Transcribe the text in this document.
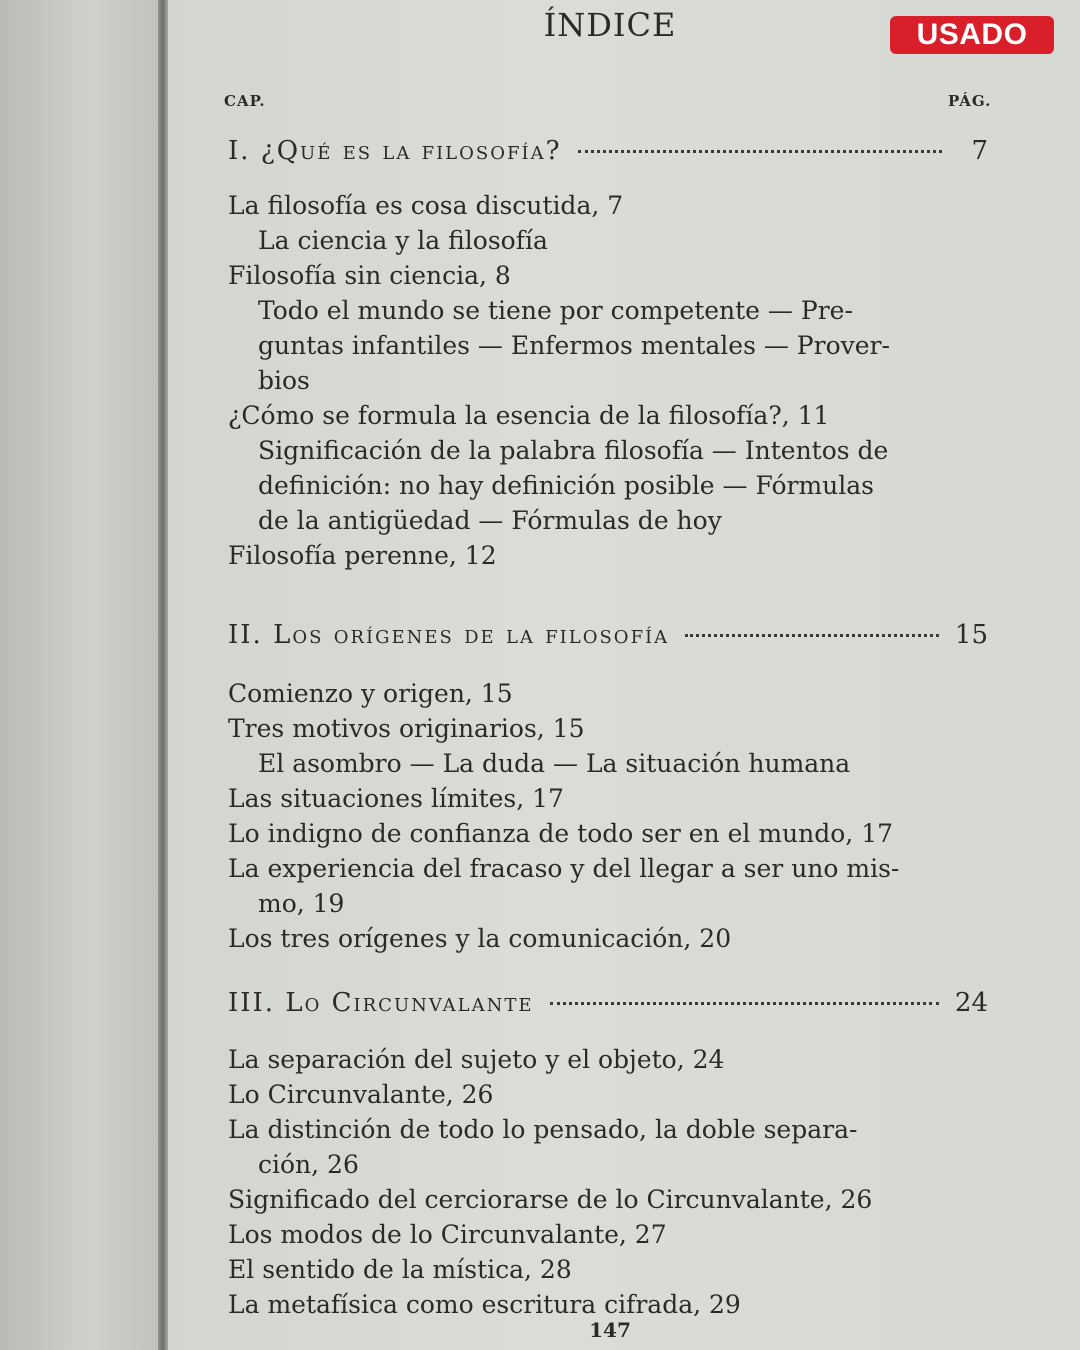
USADO
ÍNDICE
CAP.	PÁG.
I. ¿Qué es la filosofía?	7
La filosofía es cosa discutida, 7
La ciencia y la filosofía
Filosofía sin ciencia, 8
Todo el mundo se tiene por competente — Pre-
guntas infantiles — Enfermos mentales — Prover-
bios
¿Cómo se formula la esencia de la filosofía?, 11
Significación de la palabra filosofía — Intentos de
definición: no hay definición posible — Fórmulas
de la antigüedad — Fórmulas de hoy
Filosofía perenne, 12
II. Los orígenes de la filosofía	15
Comienzo y origen, 15
Tres motivos originarios, 15
El asombro — La duda — La situación humana
Las situaciones límites, 17
Lo indigno de confianza de todo ser en el mundo, 17
La experiencia del fracaso y del llegar a ser uno mis-
mo, 19
Los tres orígenes y la comunicación, 20
III. Lo Circunvalante	24
La separación del sujeto y el objeto, 24
Lo Circunvalante, 26
La distinción de todo lo pensado, la doble separa-
ción, 26
Significado del cerciorarse de lo Circunvalante, 26
Los modos de lo Circunvalante, 27
El sentido de la mística, 28
La metafísica como escritura cifrada, 29
147
